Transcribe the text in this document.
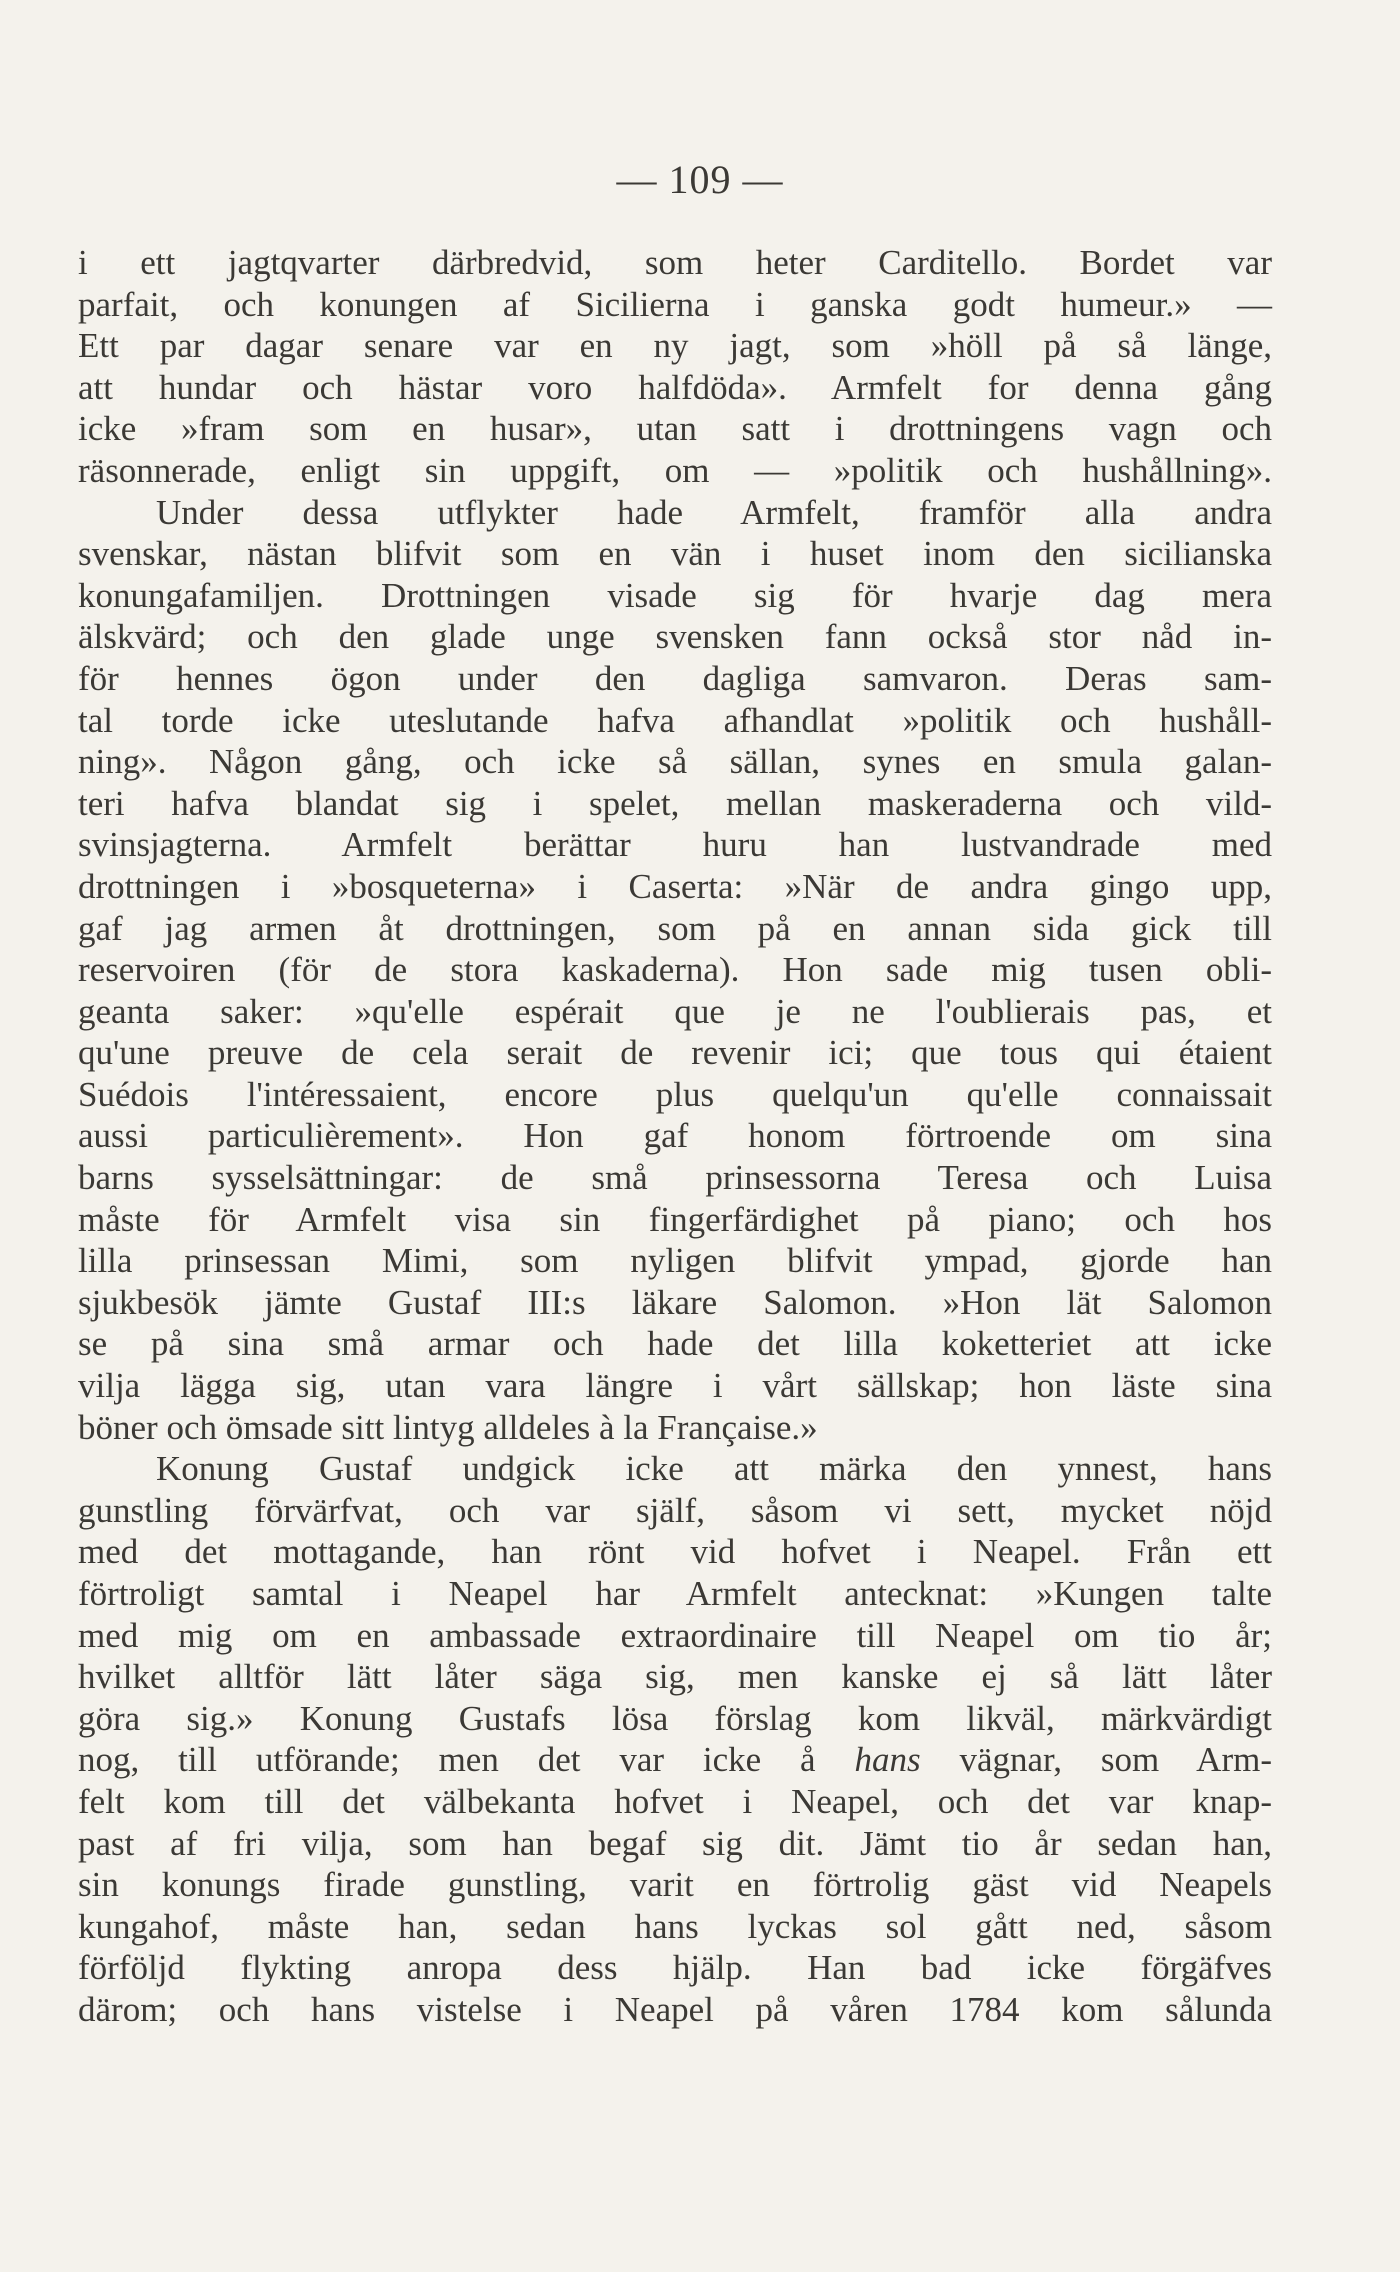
— 109 —
i ett jagtqvarter därbredvid, som heter Carditello. Bordet var
parfait, och konungen af Sicilierna i ganska godt humeur.» —
Ett par dagar senare var en ny jagt, som »höll på så länge,
att hundar och hästar voro halfdöda». Armfelt for denna gång
icke »fram som en husar», utan satt i drottningens vagn och
räsonnerade, enligt sin uppgift, om — »politik och hushållning».
Under dessa utflykter hade Armfelt, framför alla andra
svenskar, nästan blifvit som en vän i huset inom den sicilianska
konungafamiljen. Drottningen visade sig för hvarje dag mera
älskvärd; och den glade unge svensken fann också stor nåd in-
för hennes ögon under den dagliga samvaron. Deras sam-
tal torde icke uteslutande hafva afhandlat »politik och hushåll-
ning». Någon gång, och icke så sällan, synes en smula galan-
teri hafva blandat sig i spelet, mellan maskeraderna och vild-
svinsjagterna. Armfelt berättar huru han lustvandrade med
drottningen i »bosqueterna» i Caserta: »När de andra gingo upp,
gaf jag armen åt drottningen, som på en annan sida gick till
reservoiren (för de stora kaskaderna). Hon sade mig tusen obli-
geanta saker: »qu'elle espérait que je ne l'oublierais pas, et
qu'une preuve de cela serait de revenir ici; que tous qui étaient
Suédois l'intéressaient, encore plus quelqu'un qu'elle connaissait
aussi particulièrement». Hon gaf honom förtroende om sina
barns sysselsättningar: de små prinsessorna Teresa och Luisa
måste för Armfelt visa sin fingerfärdighet på piano; och hos
lilla prinsessan Mimi, som nyligen blifvit ympad, gjorde han
sjukbesök jämte Gustaf III:s läkare Salomon. »Hon lät Salomon
se på sina små armar och hade det lilla koketteriet att icke
vilja lägga sig, utan vara längre i vårt sällskap; hon läste sina
böner och ömsade sitt lintyg alldeles à la Française.»
Konung Gustaf undgick icke att märka den ynnest, hans
gunstling förvärfvat, och var själf, såsom vi sett, mycket nöjd
med det mottagande, han rönt vid hofvet i Neapel. Från ett
förtroligt samtal i Neapel har Armfelt antecknat: »Kungen talte
med mig om en ambassade extraordinaire till Neapel om tio år;
hvilket alltför lätt låter säga sig, men kanske ej så lätt låter
göra sig.» Konung Gustafs lösa förslag kom likväl, märkvärdigt
nog, till utförande; men det var icke å hans vägnar, som Arm-
felt kom till det välbekanta hofvet i Neapel, och det var knap-
past af fri vilja, som han begaf sig dit. Jämt tio år sedan han,
sin konungs firade gunstling, varit en förtrolig gäst vid Neapels
kungahof, måste han, sedan hans lyckas sol gått ned, såsom
förföljd flykting anropa dess hjälp. Han bad icke förgäfves
därom; och hans vistelse i Neapel på våren 1784 kom sålunda
